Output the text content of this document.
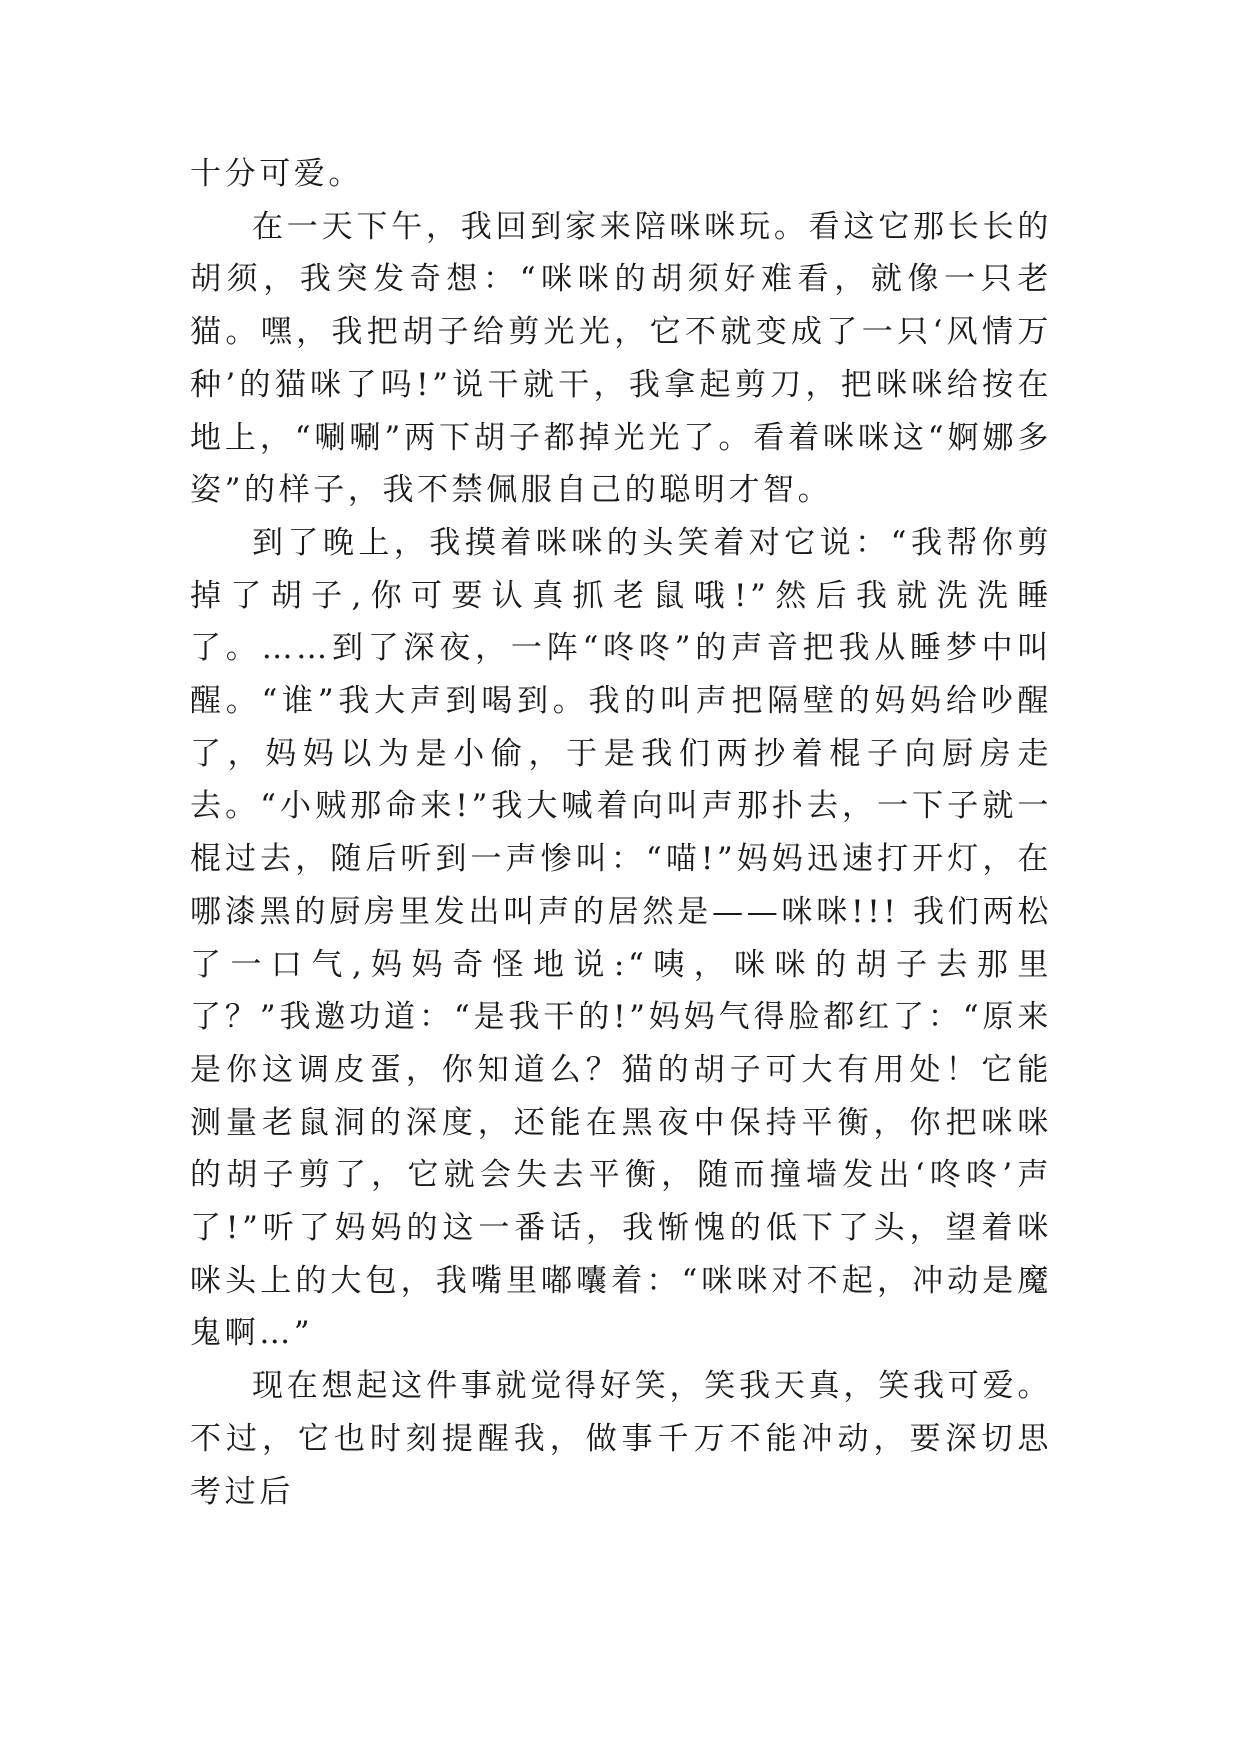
十分可爱。

在一天下午，我回到家来陪咪咪玩。看这它那长长的胡须，我突发奇想：“咪咪的胡须好难看，就像一只老猫。嘿，我把胡子给剪光光，它不就变成了一只‘风情万种’的猫咪了吗!”说干就干，我拿起剪刀，把咪咪给按在地上，“唰唰”两下胡子都掉光光了。看着咪咪这“婀娜多姿”的样子，我不禁佩服自己的聪明才智。

到了晚上，我摸着咪咪的头笑着对它说：“我帮你剪掉了胡子,你可要认真抓老鼠哦!”然后我就洗洗睡了。……到了深夜，一阵“咚咚”的声音把我从睡梦中叫醒。“谁”我大声到喝到。我的叫声把隔壁的妈妈给吵醒了，妈妈以为是小偷，于是我们两抄着棍子向厨房走去。“小贼那命来!”我大喊着向叫声那扑去，一下子就一棍过去，随后听到一声惨叫：“喵!”妈妈迅速打开灯，在哪漆黑的厨房里发出叫声的居然是——咪咪!!! 我们两松了一口气,妈妈奇怪地说:“咦，咪咪的胡子去那里了？”我邀功道：“是我干的!”妈妈气得脸都红了：“原来是你这调皮蛋，你知道么？猫的胡子可大有用处！它能测量老鼠洞的深度，还能在黑夜中保持平衡，你把咪咪的胡子剪了，它就会失去平衡，随而撞墙发出‘咚咚’声了!”听了妈妈的这一番话，我惭愧的低下了头，望着咪咪头上的大包，我嘴里嘟囔着：“咪咪对不起，冲动是魔鬼啊…”

现在想起这件事就觉得好笑，笑我天真，笑我可爱。不过，它也时刻提醒我，做事千万不能冲动，要深切思考过后
